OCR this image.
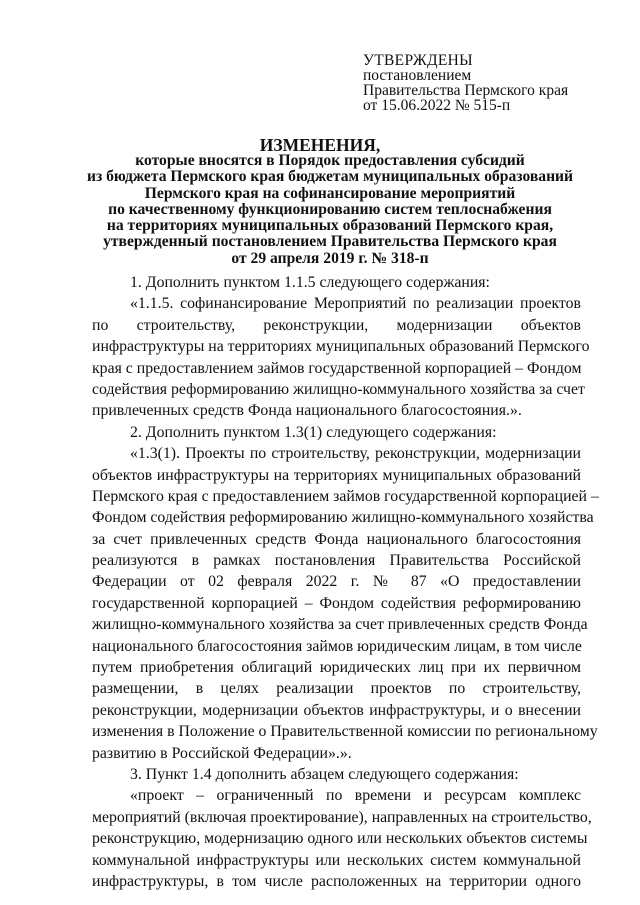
УТВЕРЖДЕНЫ
постановлением
Правительства Пермского края
от 15.06.2022 № 515-п
ИЗМЕНЕНИЯ,
которые вносятся в Порядок предоставления субсидий
из бюджета Пермского края бюджетам муниципальных образований
Пермского края на софинансирование мероприятий
по качественному функционированию систем теплоснабжения
на территориях муниципальных образований Пермского края,
утвержденный постановлением Правительства Пермского края
от 29 апреля 2019 г. № 318-п
1. Дополнить пунктом 1.1.5 следующего содержания:
«1.1.5. софинансирование Мероприятий по реализации проектов
по строительству, реконструкции, модернизации объектов
инфраструктуры на территориях муниципальных образований Пермского
края с предоставлением займов государственной корпорацией – Фондом
содействия реформированию жилищно-коммунального хозяйства за счет
привлеченных средств Фонда национального благосостояния.».
2. Дополнить пунктом 1.3(1) следующего содержания:
«1.3(1). Проекты по строительству, реконструкции, модернизации
объектов инфраструктуры на территориях муниципальных образований
Пермского края с предоставлением займов государственной корпорацией –
Фондом содействия реформированию жилищно-коммунального хозяйства
за счет привлеченных средств Фонда национального благосостояния
реализуются в рамках постановления Правительства Российской
Федерации от 02 февраля 2022 г. № 87 «О предоставлении
государственной корпорацией – Фондом содействия реформированию
жилищно-коммунального хозяйства за счет привлеченных средств Фонда
национального благосостояния займов юридическим лицам, в том числе
путем приобретения облигаций юридических лиц при их первичном
размещении, в целях реализации проектов по строительству,
реконструкции, модернизации объектов инфраструктуры, и о внесении
изменения в Положение о Правительственной комиссии по региональному
развитию в Российской Федерации».».
3. Пункт 1.4 дополнить абзацем следующего содержания:
«проект – ограниченный по времени и ресурсам комплекс
мероприятий (включая проектирование), направленных на строительство,
реконструкцию, модернизацию одного или нескольких объектов системы
коммунальной инфраструктуры или нескольких систем коммунальной
инфраструктуры, в том числе расположенных на территории одного
